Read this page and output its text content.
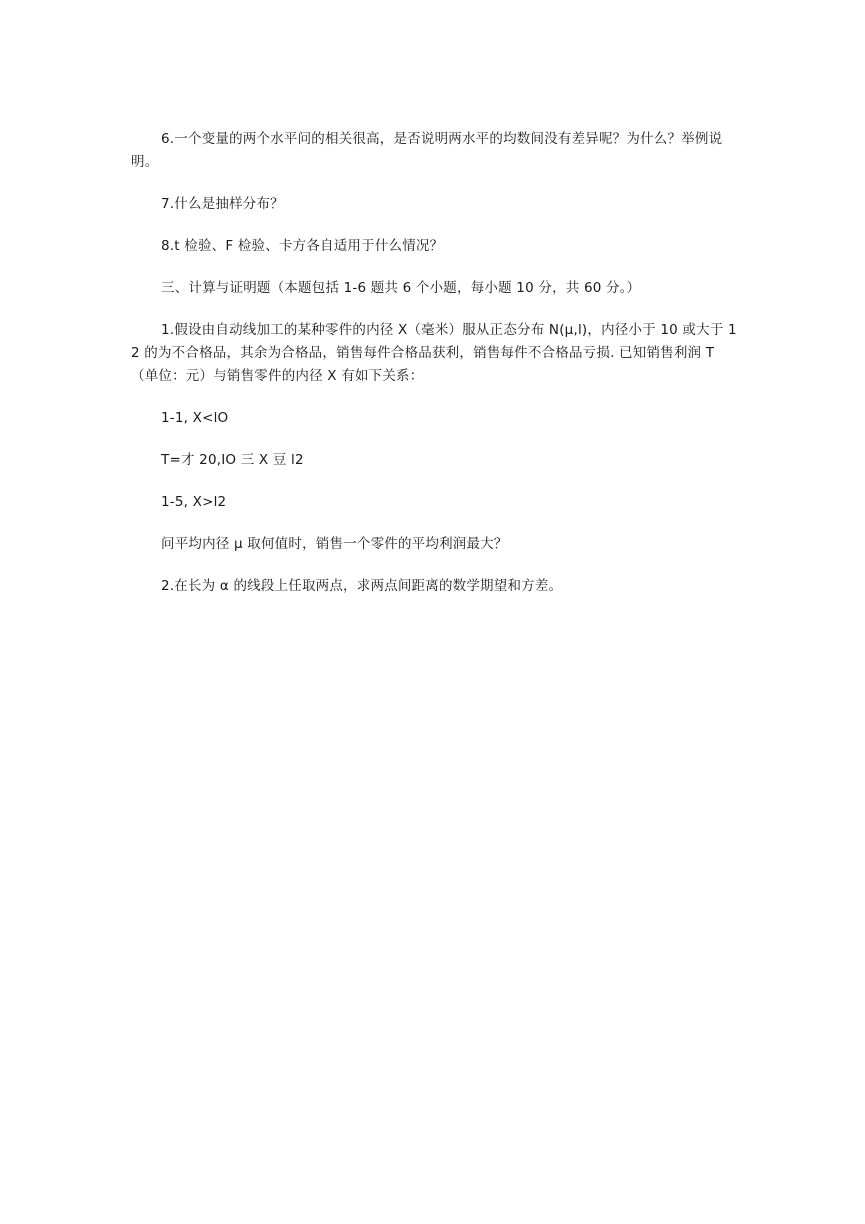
6.一个变量的两个水平问的相关很高，是否说明两水平的均数间没有差异呢？为什么？举例说明。

7.什么是抽样分布？

8.t 检验、F 检验、卡方各自适用于什么情况？

三、计算与证明题（本题包括 1-6 题共 6 个小题，每小题 10 分，共 60 分。）

1.假设由自动线加工的某种零件的内径 X（毫米）服从正态分布 N(μ,l)，内径小于 10 或大于 12 的为不合格品，其余为合格品，销售每件合格品获利，销售每件不合格品亏损. 已知销售利润 T（单位：元）与销售零件的内径 X 有如下关系：

1-1, X<lO

T=才 20,IO 三 X 豆 l2

1-5, X>l2

问平均内径 μ 取何值时，销售一个零件的平均利润最大？

2.在长为 α 的线段上任取两点，求两点间距离的数学期望和方差。
